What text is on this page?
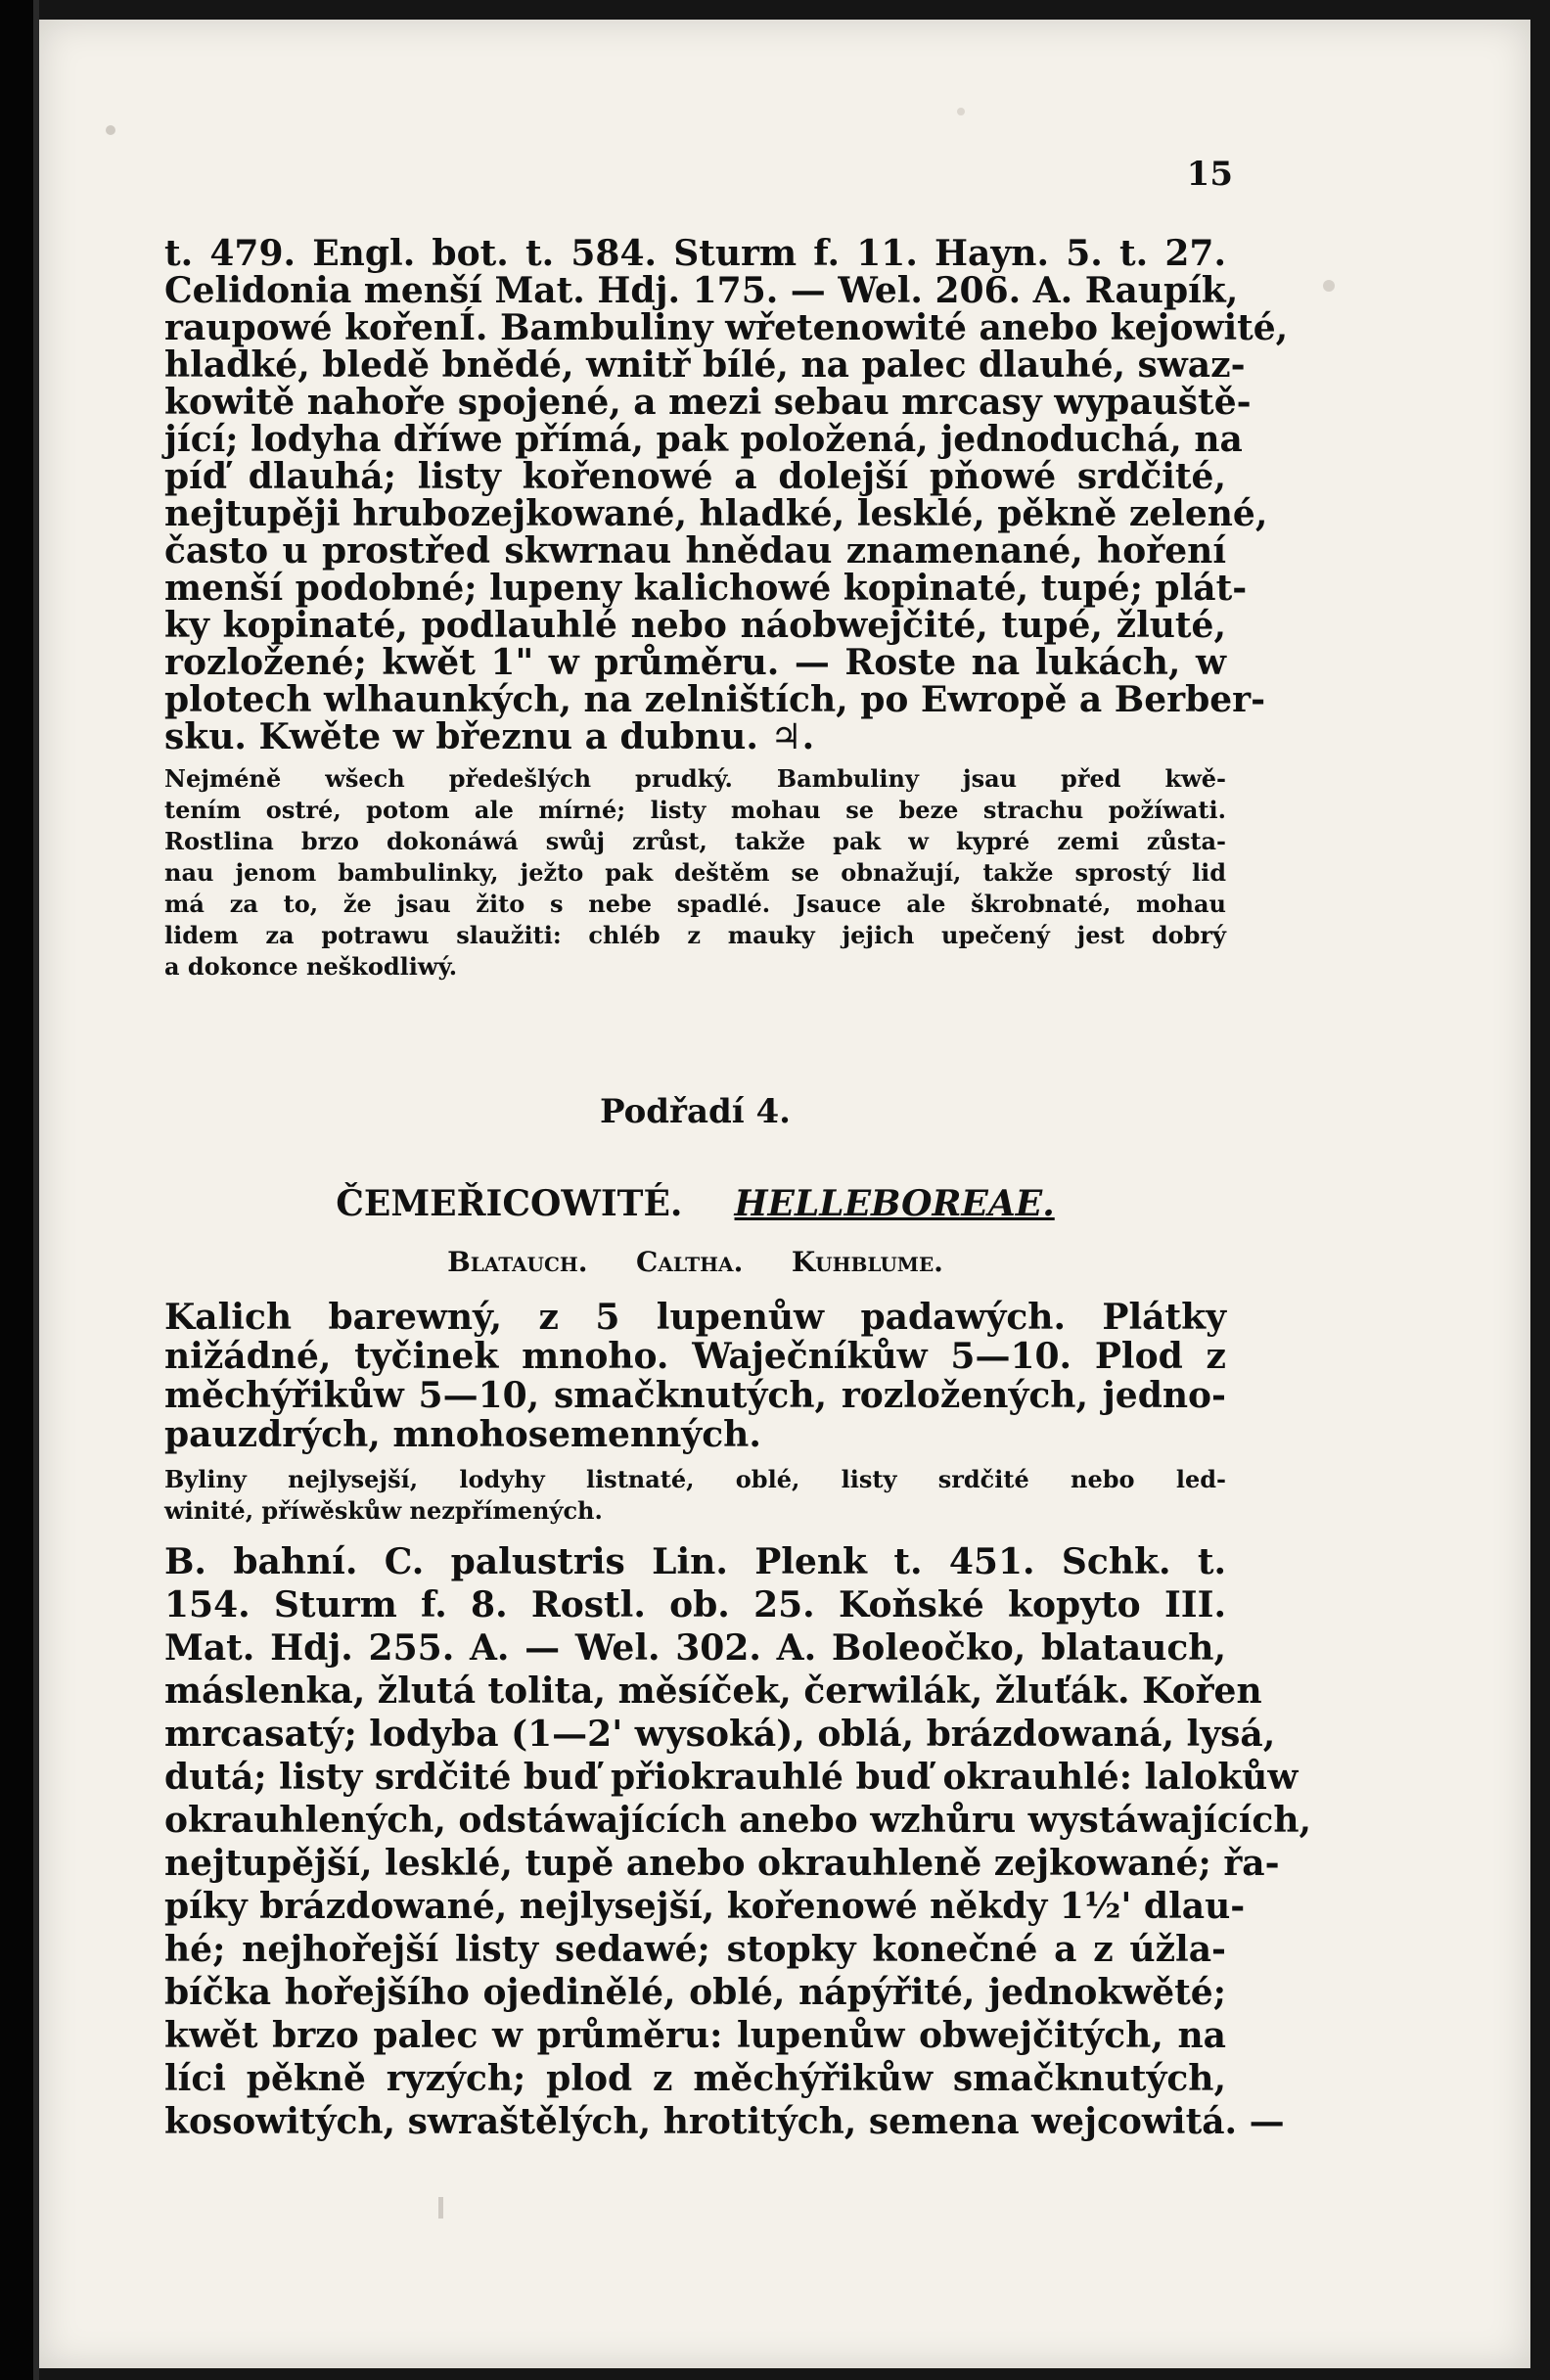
15

t. 479. Engl. bot. t. 584. Sturm f. 11. Hayn. 5. t. 27.

Celidonia menší Mat. Hdj. 175. — Wel. 206. A. Raupík,

raupowé kořenÍ. Bambuliny wřetenowité anebo kejowité,

hladké, bledě bnědé, wnitř bílé, na palec dlauhé, swaz-

kowitě nahoře spojené, a mezi sebau mrcasy wypauště-

jící; lodyha dříwe přímá, pak položená, jednoduchá, na

píď dlauhá; listy kořenowé a dolejší pňowé srdčité,

nejtupěji hrubozejkowané, hladké, lesklé, pěkně zelené,

často u prostřed skwrnau hnědau znamenané, hoření

menší podobné; lupeny kalichowé kopinaté, tupé; plát-

ky kopinaté, podlauhlé nebo náobwejčité, tupé, žluté,

rozložené; kwět 1" w průměru. — Roste na lukách, w

plotech wlhaunkých, na zelništích, po Ewropě a Berber-

sku. Kwěte w březnu a dubnu. ♃.

Nejméně wšech předešlých prudký. Bambuliny jsau před kwě-

tením ostré, potom ale mírné; listy mohau se beze strachu požíwati.

Rostlina brzo dokonáwá swůj zrůst, takže pak w kypré zemi zůsta-

nau jenom bambulinky, ježto pak deštěm se obnažují, takže sprostý lid

má za to, že jsau žito s nebe spadlé. Jsauce ale škrobnaté, mohau

lidem za potrawu slaužiti: chléb z mauky jejich upečený jest dobrý

a dokonce neškodliwý.

Podřadí 4.

ČEMEŘICOWITÉ. HELLEBOREAE.
Blatauch. Caltha. Kuhblume.

Kalich barewný, z 5 lupenůw padawých. Plátky

nižádné, tyčinek mnoho. Waječníkůw 5—10. Plod z

měchýřikůw 5—10, smačknutých, rozložených, jedno-

pauzdrých, mnohosemenných.

Byliny nejlysejší, lodyhy listnaté, oblé, listy srdčité nebo led-

winité, příwěskůw nezpřímených.

B. bahní. C. palustris Lin. Plenk t. 451. Schk. t.

154. Sturm f. 8. Rostl. ob. 25. Koňské kopyto III.

Mat. Hdj. 255. A. — Wel. 302. A. Boleočko, blatauch,

máslenka, žlutá tolita, měsíček, čerwilák, žluťák. Kořen

mrcasatý; lodyba (1—2' wysoká), oblá, brázdowaná, lysá,

dutá; listy srdčité buď přiokrauhlé buď okrauhlé: lalokůw

okrauhlených, odstáwajících anebo wzhůru wystáwajících,

nejtupější, lesklé, tupě anebo okrauhleně zejkowané; řa-

píky brázdowané, nejlysejší, kořenowé někdy 1½' dlau-

hé; nejhořejší listy sedawé; stopky konečné a z úžla-

bíčka hořejšího ojedinělé, oblé, nápýřité, jednokwěté;

kwět brzo palec w průměru: lupenůw obwejčitých, na

líci pěkně ryzých; plod z měchýřikůw smačknutých,

kosowitých, swraštělých, hrotitých, semena wejcowitá. —
